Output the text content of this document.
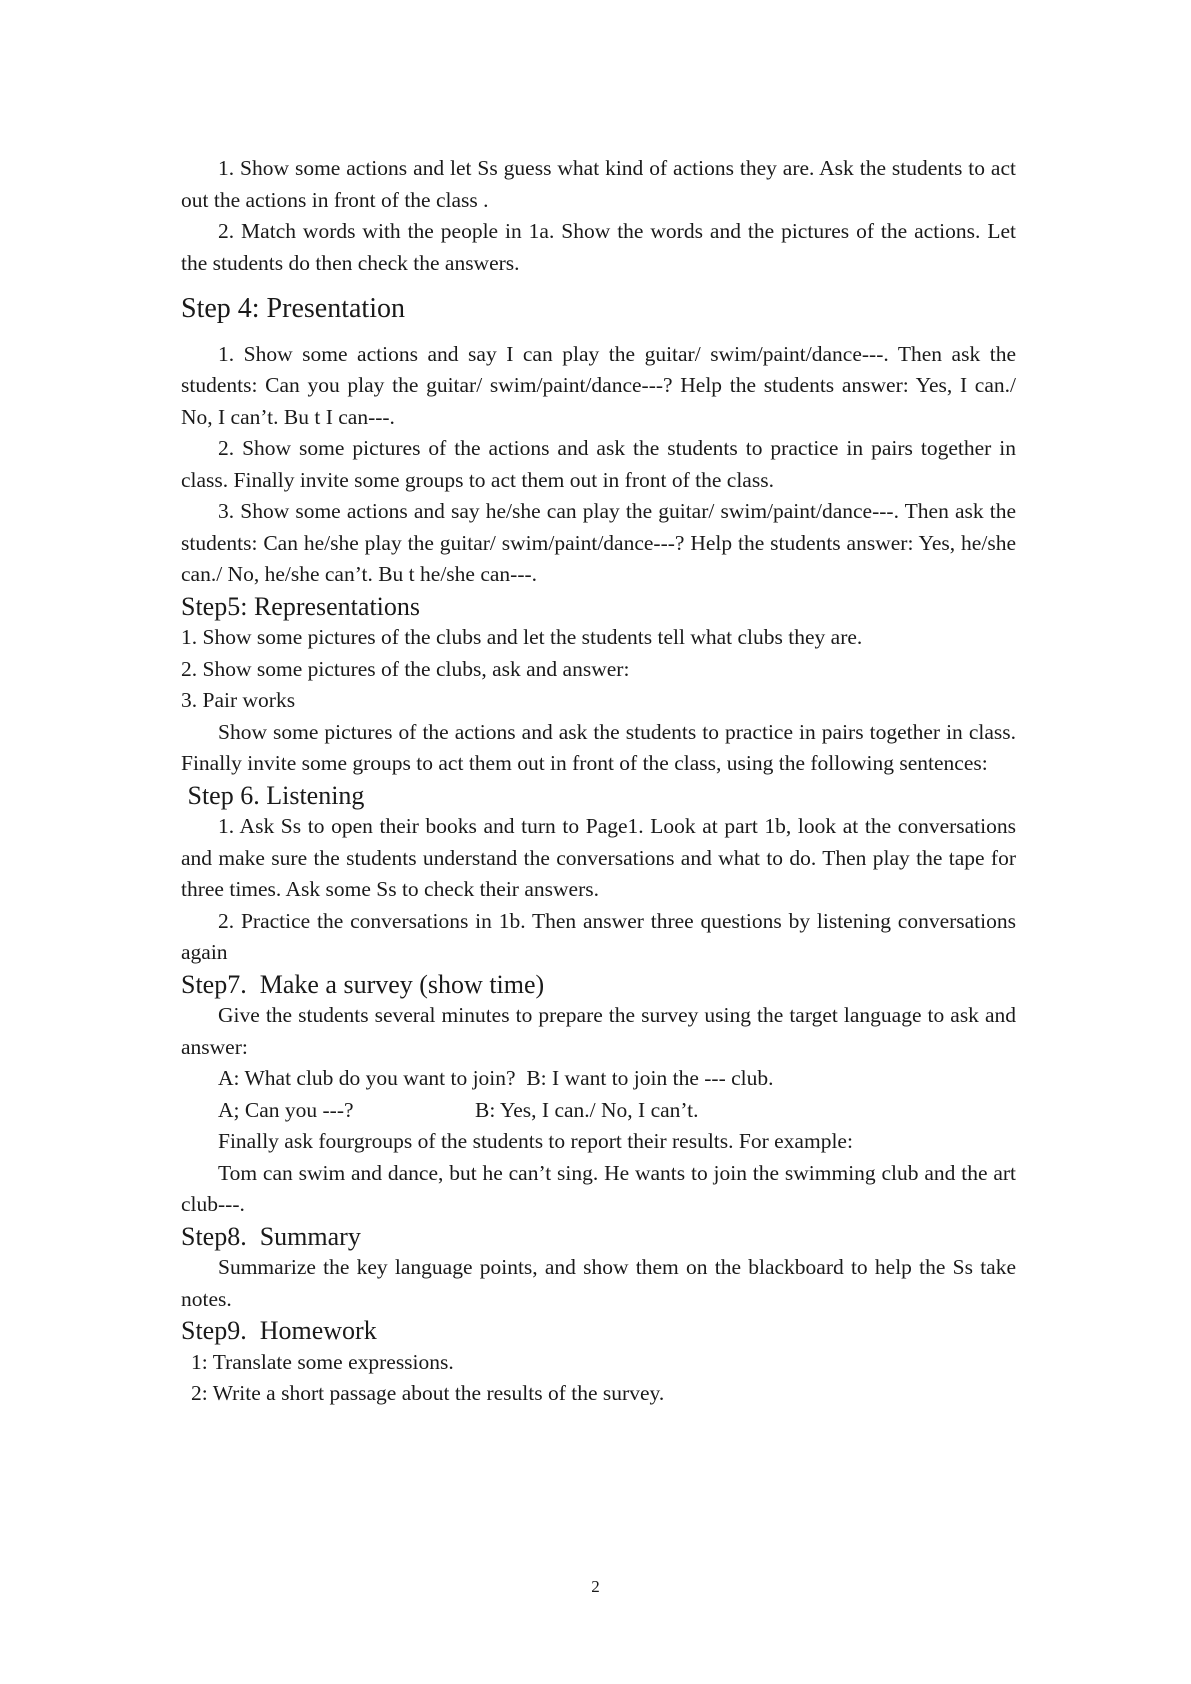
1. Show some actions and let Ss guess what kind of actions they are. Ask the students to act out the actions in front of the class .

2. Match words with the people in 1a. Show the words and the pictures of the actions. Let the students do then check the answers.

Step 4: Presentation

1. Show some actions and say I can play the guitar/ swim/paint/dance---. Then ask the students: Can you play the guitar/ swim/paint/dance---? Help the students answer: Yes, I can./ No, I can’t. Bu t I can---.

2. Show some pictures of the actions and ask the students to practice in pairs together in class. Finally invite some groups to act them out in front of the class.

3. Show some actions and say he/she can play the guitar/ swim/paint/dance---. Then ask the students: Can he/she play the guitar/ swim/paint/dance---? Help the students answer: Yes, he/she can./ No, he/she can’t. Bu t he/she can---.

Step5: Representations

1. Show some pictures of the clubs and let the students tell what clubs they are.

2. Show some pictures of the clubs, ask and answer:

3. Pair works

Show some pictures of the actions and ask the students to practice in pairs together in class. Finally invite some groups to act them out in front of the class, using the following sentences:

Step 6. Listening

1. Ask Ss to open their books and turn to Page1. Look at part 1b, look at the conversations and make sure the students understand the conversations and what to do. Then play the tape for three times. Ask some Ss to check their answers.

2. Practice the conversations in 1b. Then answer three questions by listening conversations again

Step7.  Make a survey (show time)

Give the students several minutes to prepare the survey using the target language to ask and answer:

A: What club do you want to join?  B: I want to join the --- club.

A; Can you ---?	B: Yes, I can./ No, I can’t.

Finally ask fourgroups of the students to report their results. For example:

Tom can swim and dance, but he can’t sing. He wants to join the swimming club and the art club---.

Step8.  Summary

Summarize the key language points, and show them on the blackboard to help the Ss take notes.

Step9.  Homework

1: Translate some expressions.

2: Write a short passage about the results of the survey.

2
